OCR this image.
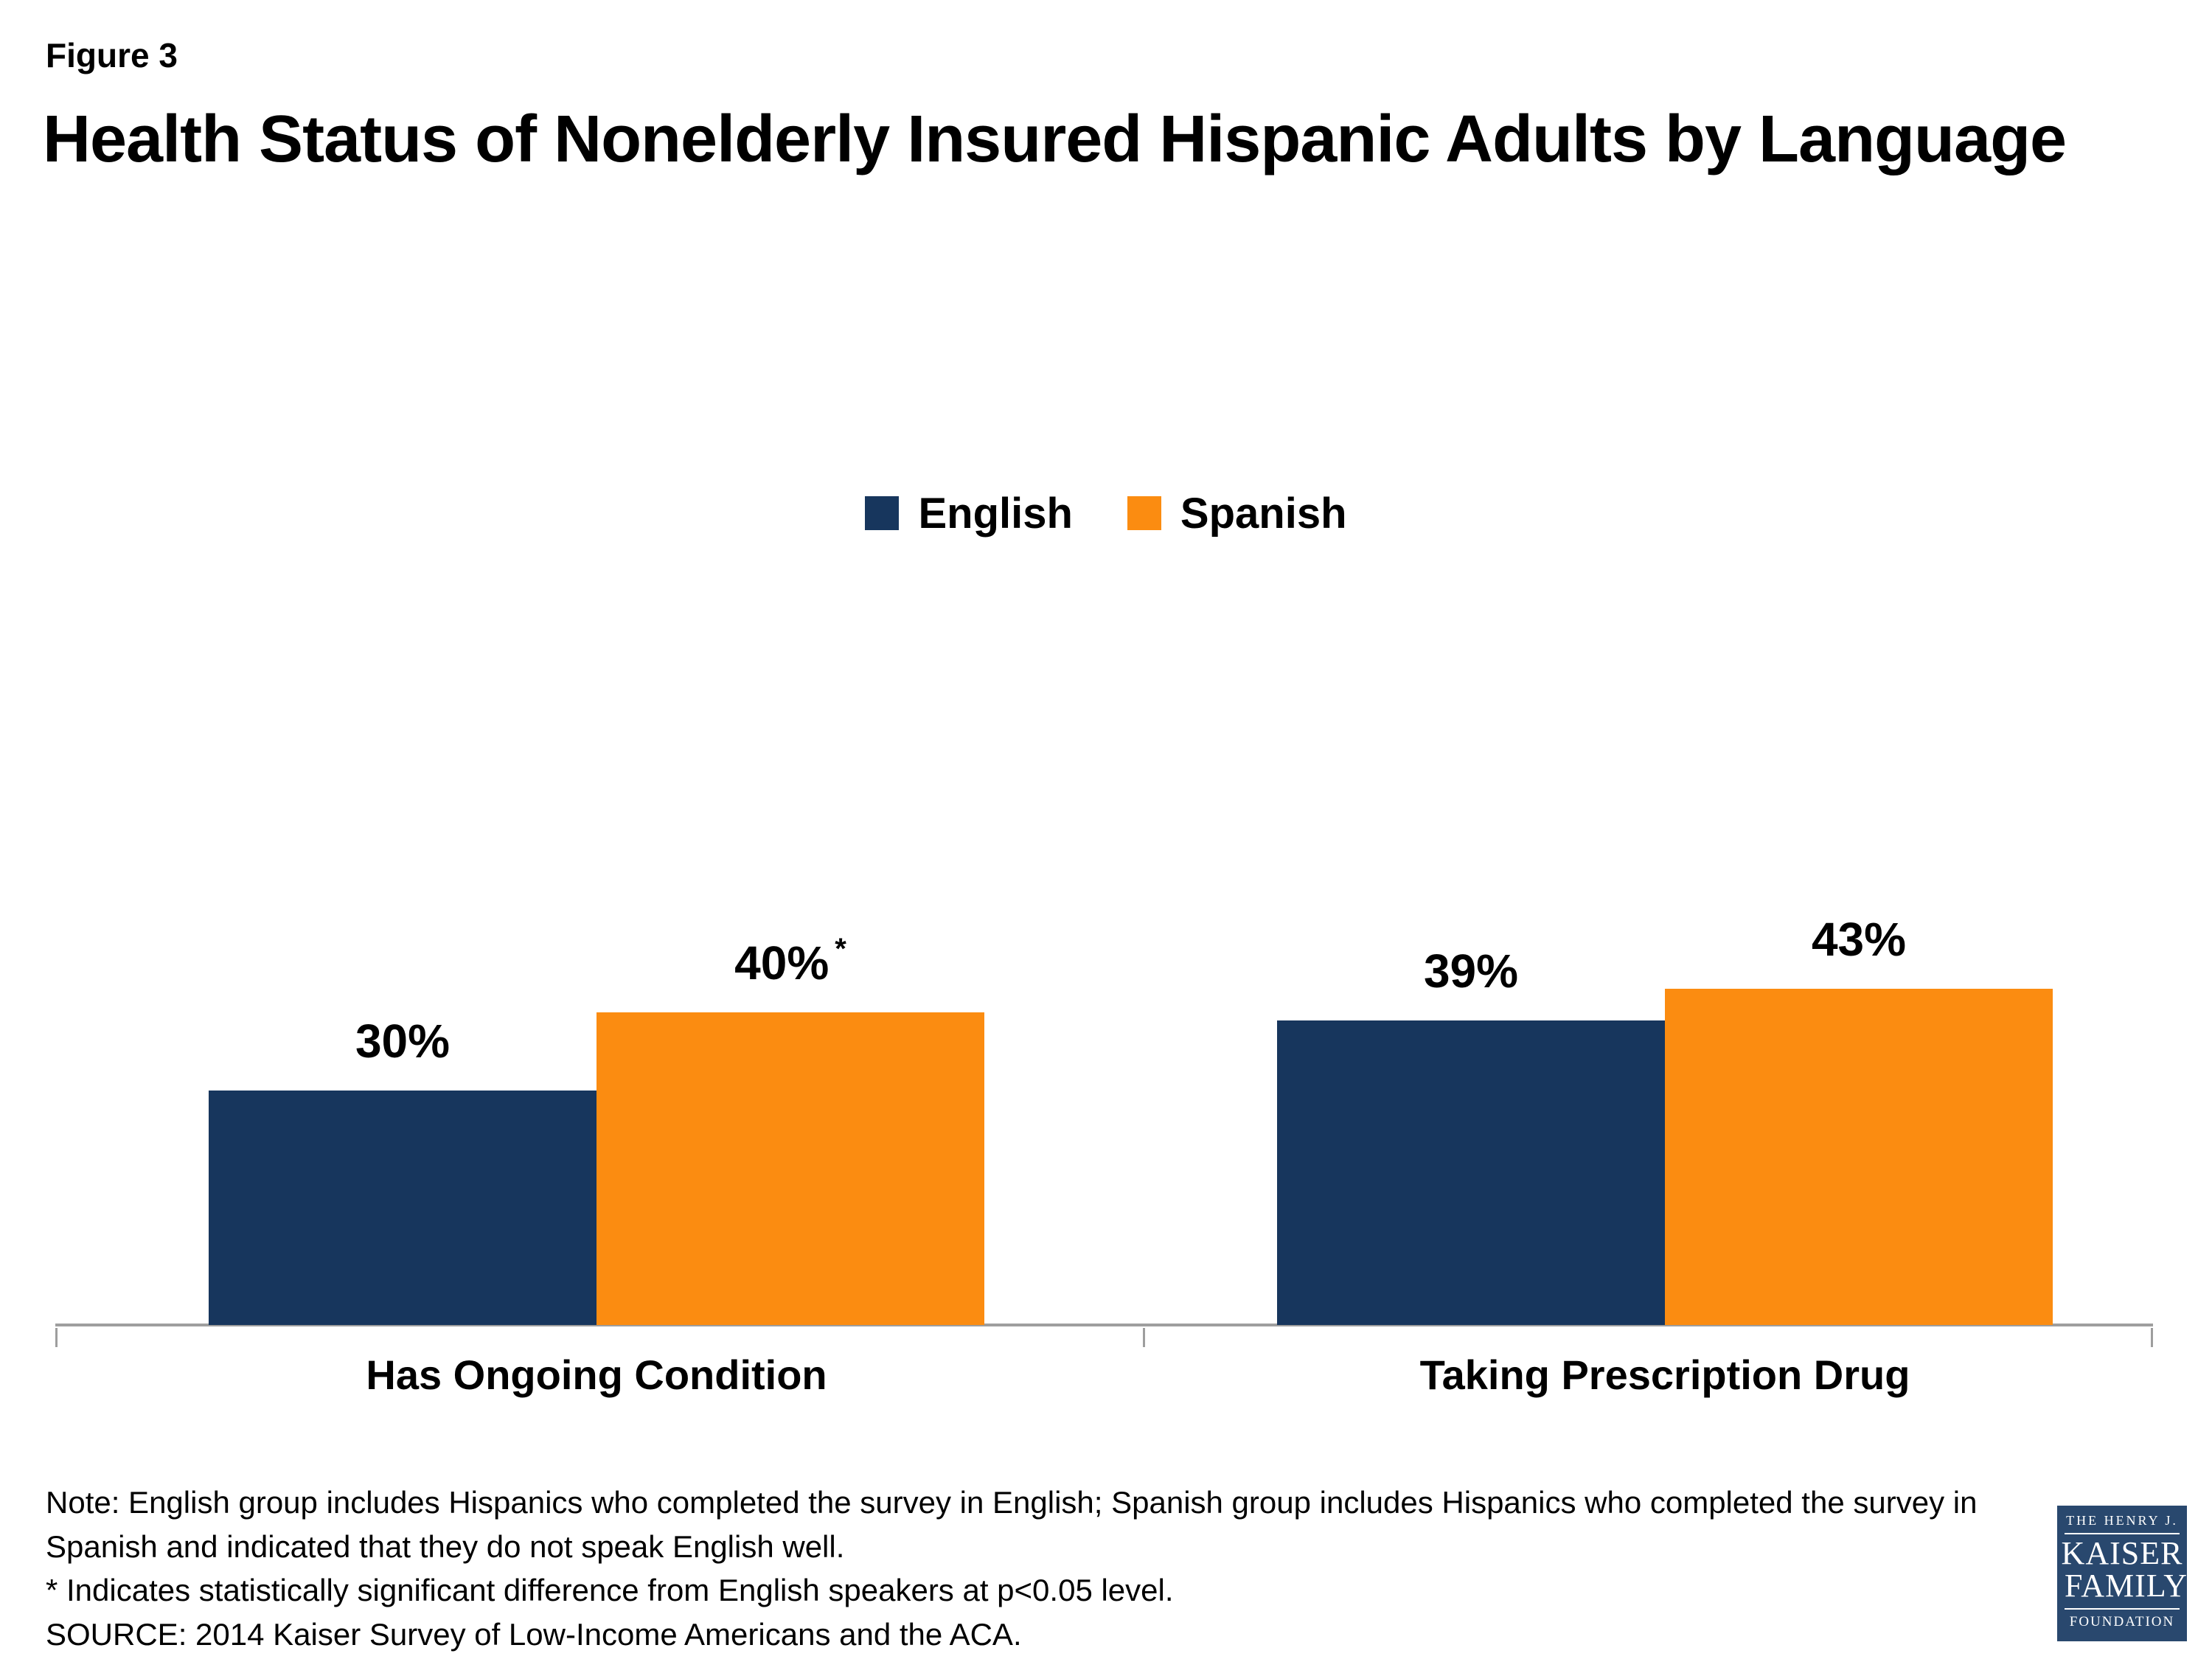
Figure 3
Health Status of Nonelderly Insured Hispanic Adults by Language
English	Spanish
30%
40% *	39%
43%
Has Ongoing Condition	Taking Prescription Drug

Note: English group includes Hispanics who completed the survey in English; Spanish group includes Hispanics who completed the survey in Spanish and indicated that they do not speak English well.

* Indicates statistically significant difference from English speakers at p<0.05 level.

SOURCE: 2014 Kaiser Survey of Low-Income Americans and the ACA.

THE HENRY J.
KAISER
FAMILY
FOUNDATION
